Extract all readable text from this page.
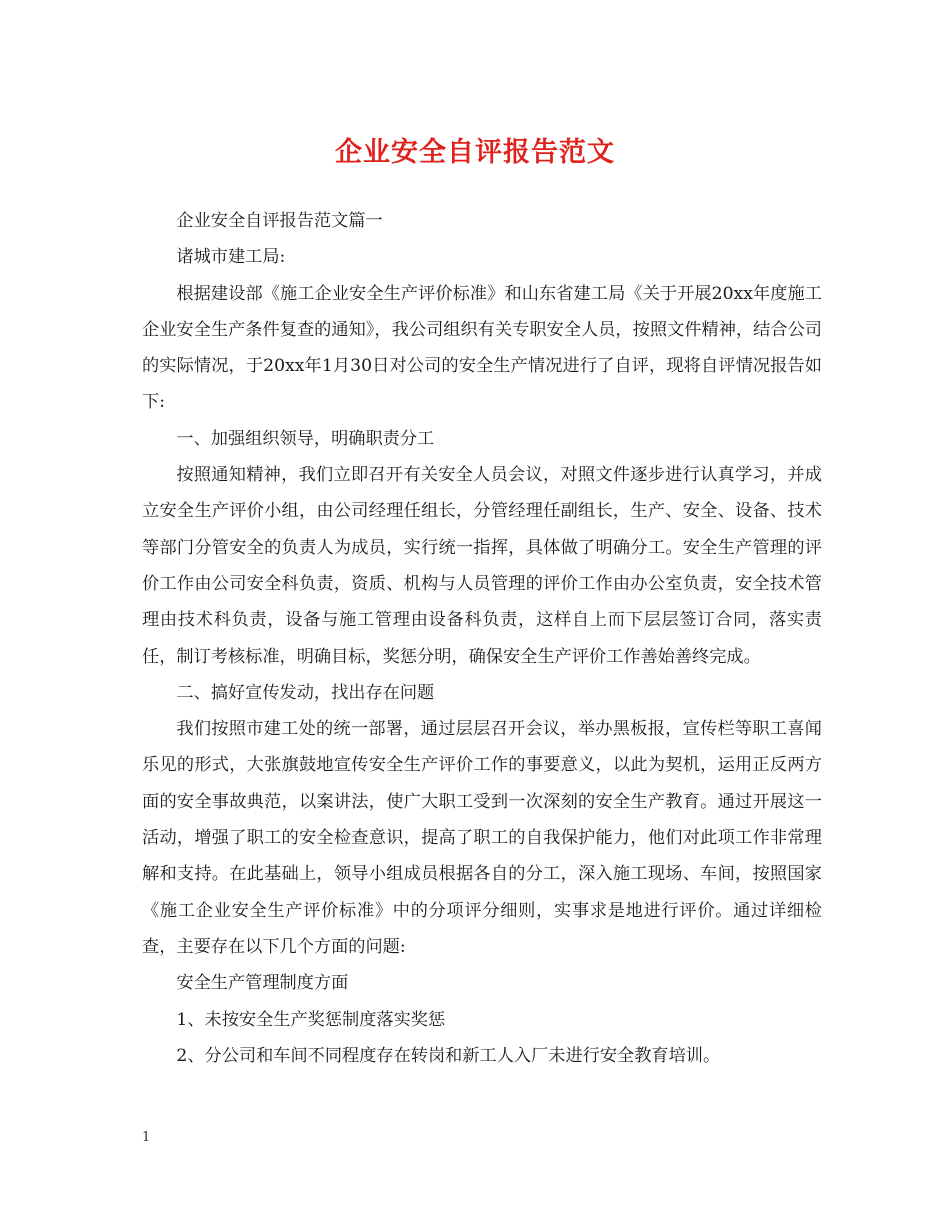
企业安全自评报告范文

企业安全自评报告范文篇一

诸城市建工局:

根据建设部《施工企业安全生产评价标准》和山东省建工局《关于开展20xx年度施工企业安全生产条件复查的通知》，我公司组织有关专职安全人员，按照文件精神，结合公司的实际情况，于20xx年1月30日对公司的安全生产情况进行了自评，现将自评情况报告如下:

一、加强组织领导，明确职责分工

按照通知精神，我们立即召开有关安全人员会议，对照文件逐步进行认真学习，并成立安全生产评价小组，由公司经理任组长，分管经理任副组长，生产、安全、设备、技术等部门分管安全的负责人为成员，实行统一指挥，具体做了明确分工。安全生产管理的评价工作由公司安全科负责，资质、机构与人员管理的评价工作由办公室负责，安全技术管理由技术科负责，设备与施工管理由设备科负责，这样自上而下层层签订合同，落实责任，制订考核标准，明确目标，奖惩分明，确保安全生产评价工作善始善终完成。

二、搞好宣传发动，找出存在问题

我们按照市建工处的统一部署，通过层层召开会议，举办黑板报，宣传栏等职工喜闻乐见的形式，大张旗鼓地宣传安全生产评价工作的事要意义，以此为契机，运用正反两方面的安全事故典范，以案讲法，使广大职工受到一次深刻的安全生产教育。通过开展这一活动，增强了职工的安全检查意识，提高了职工的自我保护能力，他们对此项工作非常理解和支持。在此基础上，领导小组成员根据各自的分工，深入施工现场、车间，按照国家《施工企业安全生产评价标准》中的分项评分细则，实事求是地进行评价。通过详细检查，主要存在以下几个方面的问题:

安全生产管理制度方面

1、未按安全生产奖惩制度落实奖惩

2、分公司和车间不同程度存在转岗和新工人入厂未进行安全教育培训。

1
